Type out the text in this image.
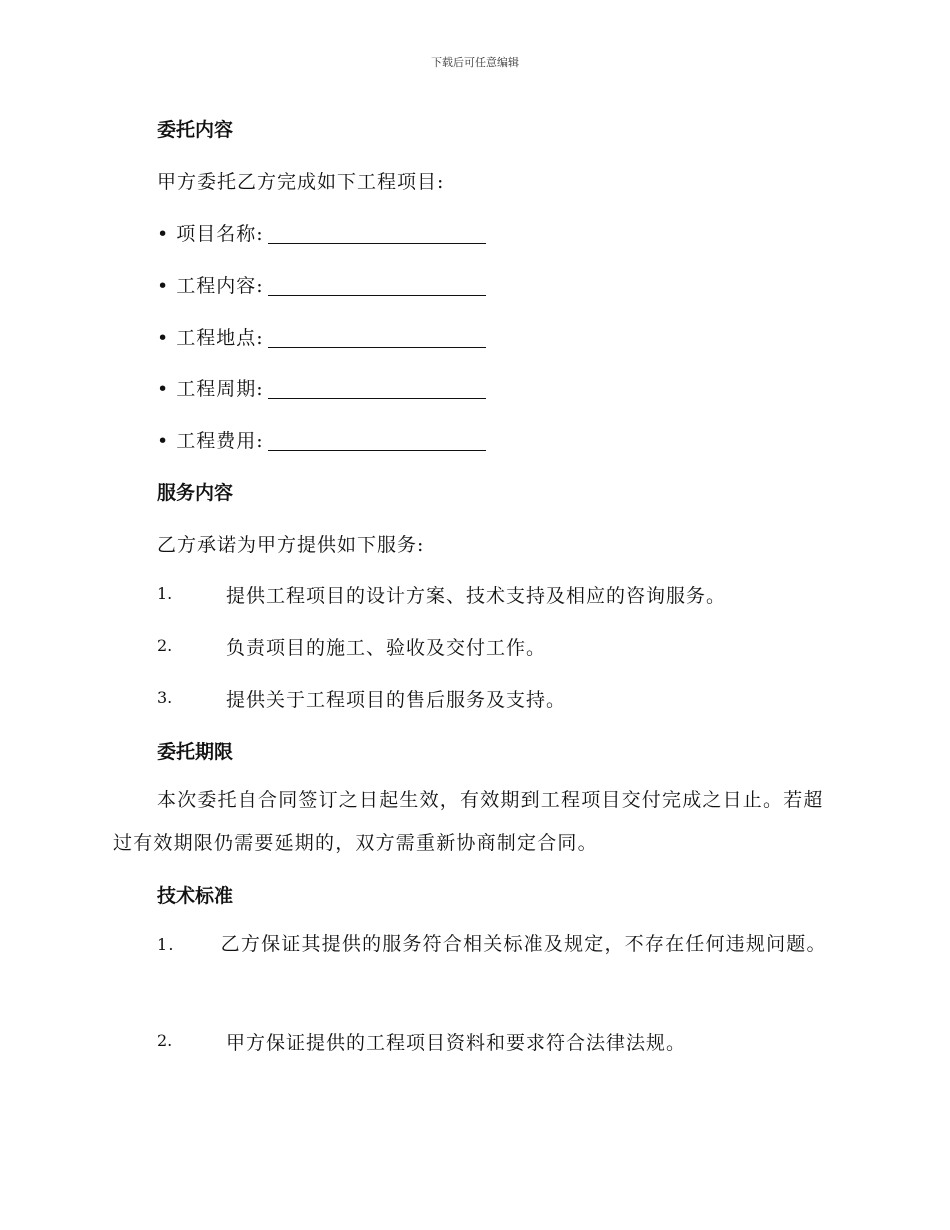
下载后可任意编辑
委托内容
甲方委托乙方完成如下工程项目:
• 项目名称:
• 工程内容:
• 工程地点:
• 工程周期:
• 工程费用:
服务内容
乙方承诺为甲方提供如下服务:
1.	提供工程项目的设计方案、技术支持及相应的咨询服务。
2.	负责项目的施工、验收及交付工作。
3.	提供关于工程项目的售后服务及支持。
委托期限
本次委托自合同签订之日起生效，有效期到工程项目交付完成之日止。若超过有效期限仍需要延期的，双方需重新协商制定合同。
技术标准
1. 乙方保证其提供的服务符合相关标准及规定，不存在任何违规问题。
2.	甲方保证提供的工程项目资料和要求符合法律法规。
